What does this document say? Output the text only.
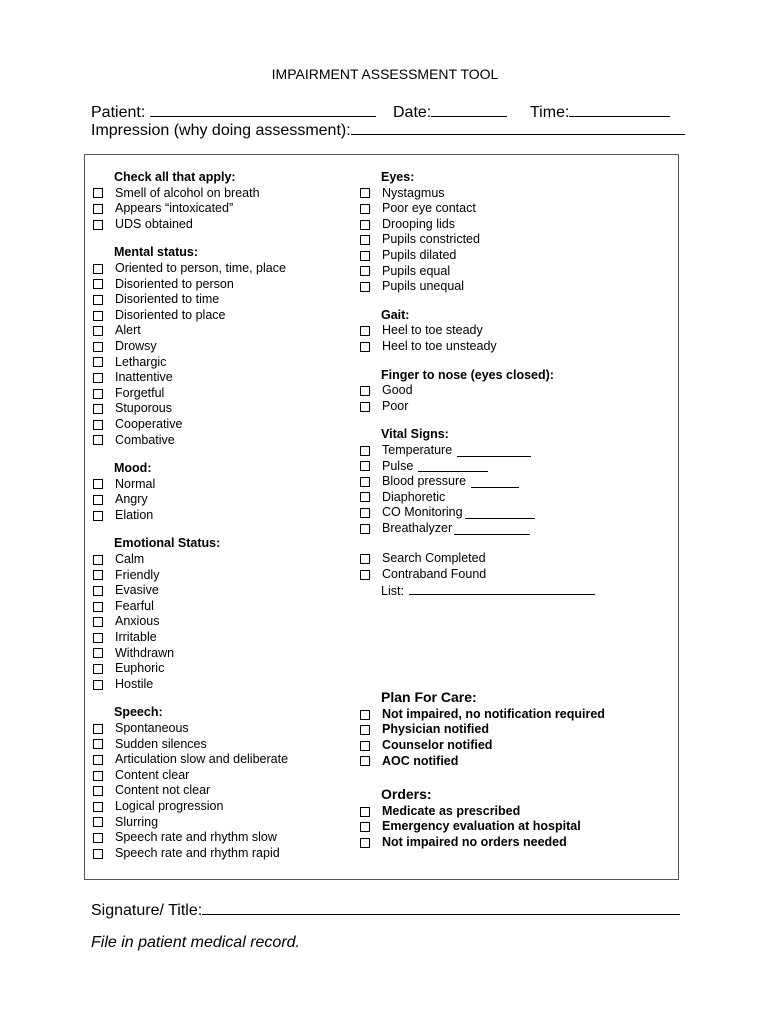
IMPAIRMENT ASSESSMENT TOOL
Patient:	Date:	Time:
Impression (why doing assessment):
Check all that apply:
Smell of alcohol on breath
Appears “intoxicated”
UDS obtained
Mental status:
Oriented to person, time, place
Disoriented to person
Disoriented to time
Disoriented to place
Alert
Drowsy
Lethargic
Inattentive
Forgetful
Stuporous
Cooperative
Combative
Mood:
Normal
Angry
Elation
Emotional Status:
Calm
Friendly
Evasive
Fearful
Anxious
Irritable
Withdrawn
Euphoric
Hostile
Speech:
Spontaneous
Sudden silences
Articulation slow and deliberate
Content clear
Content not clear
Logical progression
Slurring
Speech rate and rhythm slow
Speech rate and rhythm rapid
Eyes:
Nystagmus
Poor eye contact
Drooping lids
Pupils constricted
Pupils dilated
Pupils equal
Pupils unequal
Gait:
Heel to toe steady
Heel to toe unsteady
Finger to nose (eyes closed):
Good
Poor
Vital Signs:
Temperature
Pulse
Blood pressure
Diaphoretic
CO Monitoring
Breathalyzer
Search Completed
Contraband Found
List:
Plan For Care:
Not impaired, no notification required
Physician notified
Counselor notified
AOC notified
Orders:
Medicate as prescribed
Emergency evaluation at hospital
Not impaired no orders needed
Signature/ Title:
File in patient medical record.
